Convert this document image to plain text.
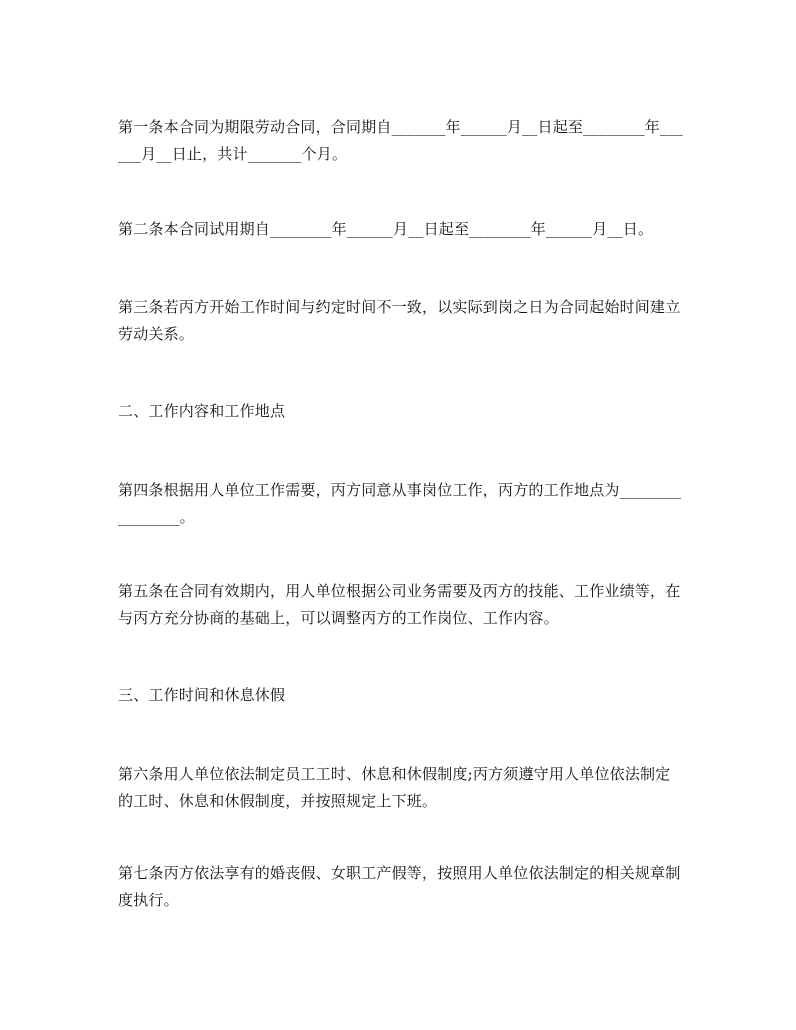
第一条本合同为期限劳动合同，合同期自_______年______月__日起至________年______月__日止，共计_______个月。

第二条本合同试用期自________年______月__日起至________年______月__日。

第三条若丙方开始工作时间与约定时间不一致，以实际到岗之日为合同起始时间建立劳动关系。

二、工作内容和工作地点

第四条根据用人单位工作需要，丙方同意从事岗位工作，丙方的工作地点为________________。

第五条在合同有效期内，用人单位根据公司业务需要及丙方的技能、工作业绩等，在与丙方充分协商的基础上，可以调整丙方的工作岗位、工作内容。

三、工作时间和休息休假

第六条用人单位依法制定员工工时、休息和休假制度;丙方须遵守用人单位依法制定的工时、休息和休假制度，并按照规定上下班。

第七条丙方依法享有的婚丧假、女职工产假等，按照用人单位依法制定的相关规章制度执行。
